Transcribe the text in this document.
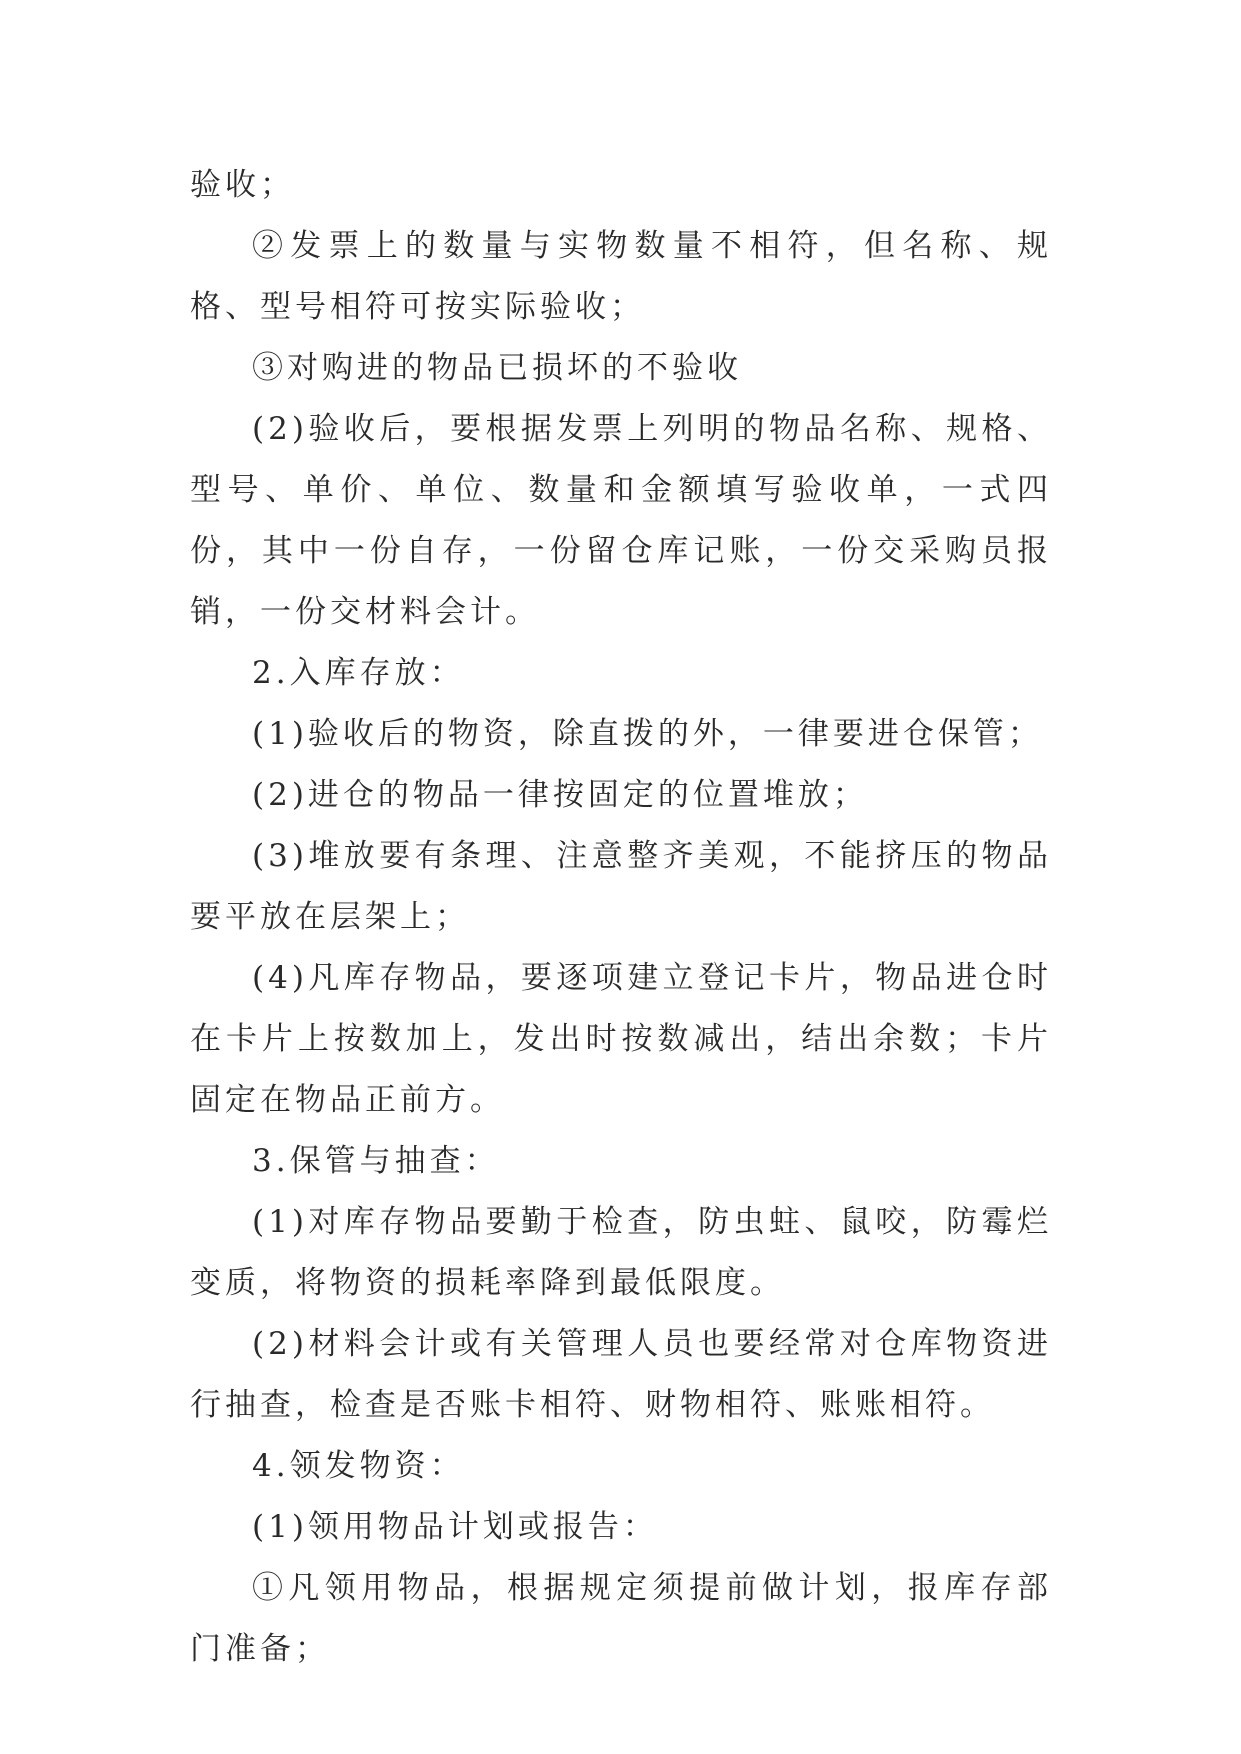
验收；

②发票上的数量与实物数量不相符，但名称、规格、型号相符可按实际验收；

③对购进的物品已损坏的不验收

(2)验收后，要根据发票上列明的物品名称、规格、型号、单价、单位、数量和金额填写验收单，一式四份，其中一份自存，一份留仓库记账，一份交采购员报销，一份交材料会计。

2.入库存放：

(1)验收后的物资，除直拨的外，一律要进仓保管；

(2)进仓的物品一律按固定的位置堆放；

(3)堆放要有条理、注意整齐美观，不能挤压的物品要平放在层架上；

(4)凡库存物品，要逐项建立登记卡片，物品进仓时在卡片上按数加上，发出时按数减出，结出余数；卡片固定在物品正前方。

3.保管与抽查：

(1)对库存物品要勤于检查，防虫蛀、鼠咬，防霉烂变质，将物资的损耗率降到最低限度。

(2)材料会计或有关管理人员也要经常对仓库物资进行抽查，检查是否账卡相符、财物相符、账账相符。

4.领发物资：

(1)领用物品计划或报告：

①凡领用物品，根据规定须提前做计划，报库存部门准备；
